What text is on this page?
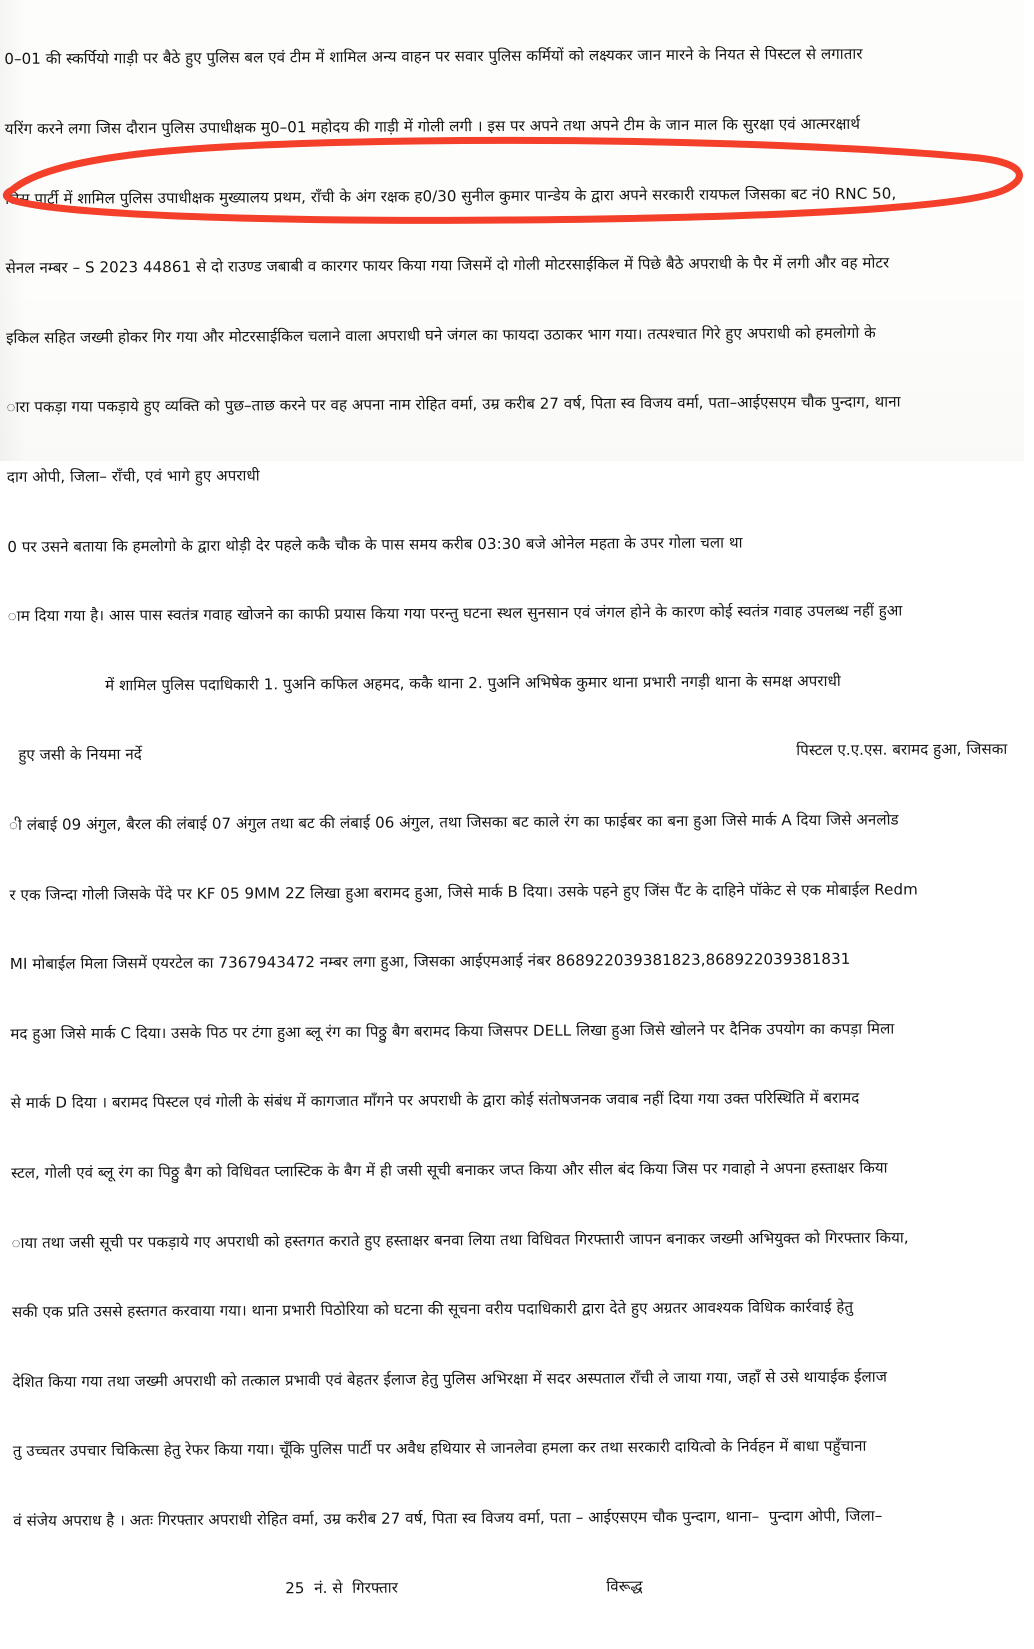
0–01 की स्कर्पियो गाड़ी पर बैठे हुए पुलिस बल एवं टीम में शामिल अन्य वाहन पर सवार पुलिस कर्मियों को लक्ष्यकर जान मारने के नियत से पिस्टल से लगातार

यरिंग करने लगा जिस दौरान पुलिस उपाधीक्षक मु0–01 महोदय की गाड़ी में गोली लगी । इस पर अपने तथा अपने टीम के जान माल कि सुरक्षा एवं आत्मरक्षार्थ

लिस पार्टी में शामिल पुलिस उपाधीक्षक मुख्यालय प्रथम, राँची के अंग रक्षक ह0/30 सुनील कुमार पान्डेय के द्वारा अपने सरकारी रायफल जिसका बट नं0 RNC 50,

सेनल नम्बर – S 2023 44861 से दो राउण्ड जबाबी व कारगर फायर किया गया जिसमें दो गोली मोटरसाईकिल में पिछे बैठे अपराधी के पैर में लगी और वह मोटर

इकिल सहित जख्मी होकर गिर गया और मोटरसाईकिल चलाने वाला अपराधी घने जंगल का फायदा उठाकर भाग गया। तत्पश्चात गिरे हुए अपराधी को हमलोगो के

ारा पकड़ा गया पकड़ाये हुए व्यक्ति को पुछ–ताछ करने पर वह अपना नाम रोहित वर्मा, उम्र करीब 27 वर्ष, पिता स्व विजय वर्मा, पता–आईएसएम चौक पुन्दाग, थाना

दाग ओपी, जिला– राँची, एवं भागे हुए अपराधी

0 पर उसने बताया कि हमलोगो के द्वारा थोड़ी देर पहले ककै चौक के पास समय करीब 03:30 बजे ओनेल महता के उपर गोला चला था

ाम दिया गया है। आस पास स्वतंत्र गवाह खोजने का काफी प्रयास किया गया परन्तु घटना स्थल सुनसान एवं जंगल होने के कारण कोई स्वतंत्र गवाह उपलब्ध नहीं हुआ

में शामिल पुलिस पदाधिकारी 1. पुअनि कफिल अहमद, ककै थाना 2. पुअनि अभिषेक कुमार थाना प्रभारी नगड़ी थाना के समक्ष अपराधी

हुए जसी के नियमा नर्दे                                                                                                                                       पिस्टल ए.ए.एस. बरामद हुआ, जिसका

ी लंबाई 09 अंगुल, बैरल की लंबाई 07 अंगुल तथा बट की लंबाई 06 अंगुल, तथा जिसका बट काले रंग का फाईबर का बना हुआ जिसे मार्क A दिया जिसे अनलोड

र एक जिन्दा गोली जिसके पेंदे पर KF 05 9MM 2Z लिखा हुआ बरामद हुआ, जिसे मार्क B दिया। उसके पहने हुए जिंस पैंट के दाहिने पॉकेट से एक मोबाईल Redm

MI मोबाईल मिला जिसमें एयरटेल का 7367943472 नम्बर लगा हुआ, जिसका आईएमआई नंबर 868922039381823,868922039381831

मद हुआ जिसे मार्क C दिया। उसके पिठ पर टंगा हुआ ब्लू रंग का पिठ्ठु बैग बरामद किया जिसपर DELL लिखा हुआ जिसे खोलने पर दैनिक उपयोग का कपड़ा मिला

से मार्क D दिया । बरामद पिस्टल एवं गोली के संबंध में कागजात माँगने पर अपराधी के द्वारा कोई संतोषजनक जवाब नहीं दिया गया उक्त परिस्थिति में बरामद

स्टल, गोली एवं ब्लू रंग का पिठ्ठु बैग को विधिवत प्लास्टिक के बैग में ही जसी सूची बनाकर जप्त किया और सील बंद किया जिस पर गवाहो ने अपना हस्ताक्षर किया

ाया तथा जसी सूची पर पकड़ाये गए अपराधी को हस्तगत कराते हुए हस्ताक्षर बनवा लिया तथा विधिवत गिरफ्तारी जापन बनाकर जख्मी अभियुक्त को गिरफ्तार किया,

सकी एक प्रति उससे हस्तगत करवाया गया। थाना प्रभारी पिठोरिया को घटना की सूचना वरीय पदाधिकारी द्वारा देते हुए अग्रतर आवश्यक विधिक कार्रवाई हेतु

देशित किया गया तथा जख्मी अपराधी को तत्काल प्रभावी एवं बेहतर ईलाज हेतु पुलिस अभिरक्षा में सदर अस्पताल राँची ले जाया गया, जहाँ से उसे थायाईक ईलाज

तु उच्चतर उपचार चिकित्सा हेतु रेफर किया गया। चूँकि पुलिस पार्टी पर अवैध हथियार से जानलेवा हमला कर तथा सरकारी दायित्वो के निर्वहन में बाधा पहुँचाना

वं संजेय अपराध है । अतः गिरफ्तार अपराधी रोहित वर्मा, उम्र करीब 27 वर्ष, पिता स्व विजय वर्मा, पता – आईएसएम चौक पुन्दाग, थाना–  पुन्दाग ओपी, जिला–

25  नं. से  गिरफ्तार                                           विरूद्ध
